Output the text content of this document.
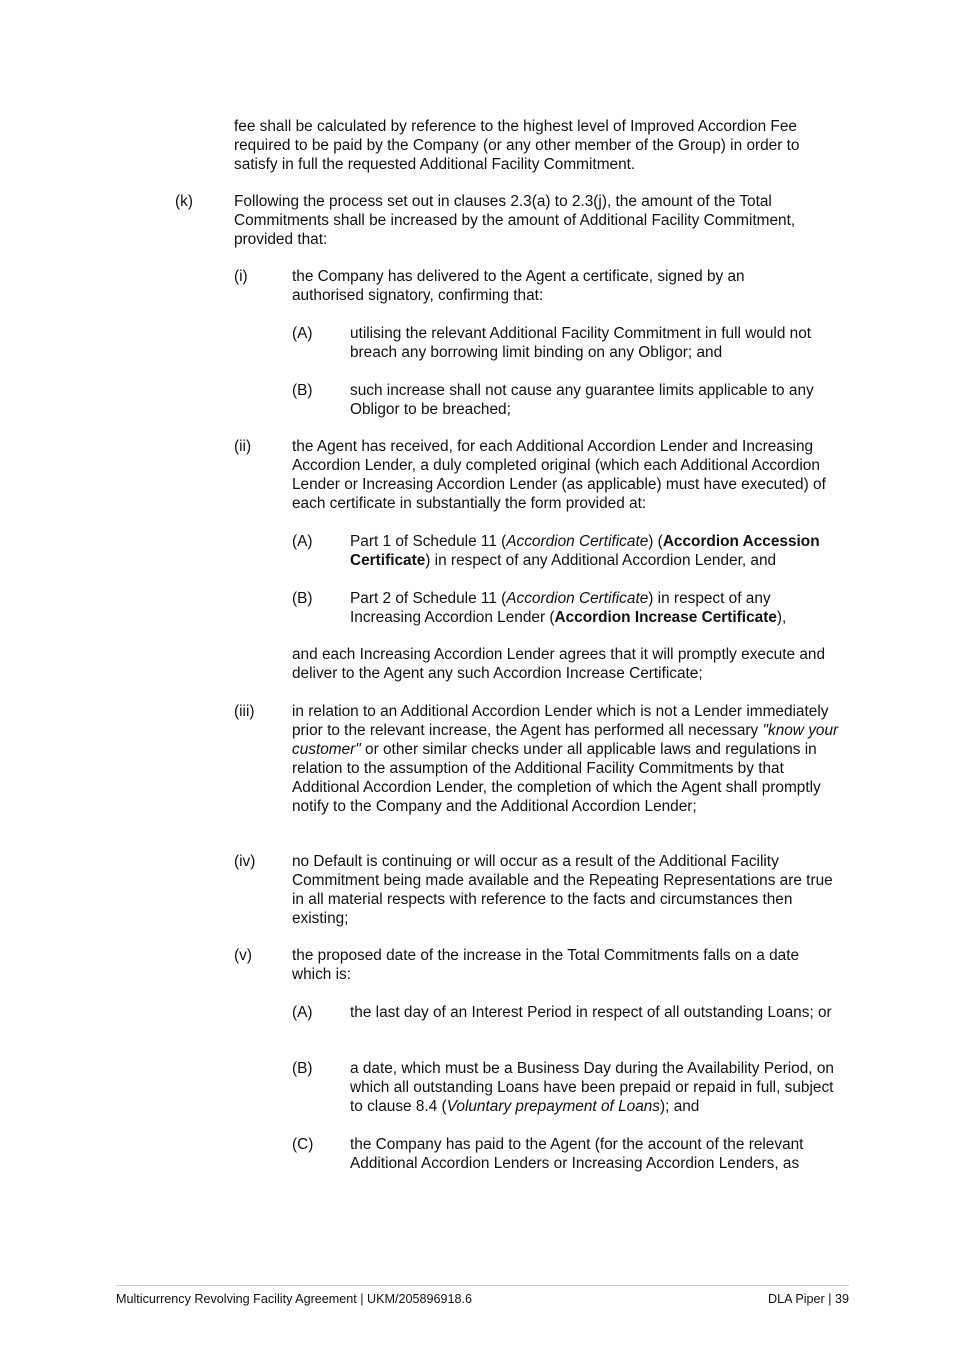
fee shall be calculated by reference to the highest level of Improved Accordion Fee required to be paid by the Company (or any other member of the Group) in order to satisfy in full the requested Additional Facility Commitment.

(k)	Following the process set out in clauses 2.3(a) to 2.3(j), the amount of the Total Commitments shall be increased by the amount of Additional Facility Commitment, provided that:

(i)	the Company has delivered to the Agent a certificate, signed by an authorised signatory, confirming that:

(A) utilising the relevant Additional Facility Commitment in full would not breach any borrowing limit binding on any Obligor; and

(B) such increase shall not cause any guarantee limits applicable to any Obligor to be breached;

(ii)	the Agent has received, for each Additional Accordion Lender and Increasing Accordion Lender, a duly completed original (which each Additional Accordion Lender or Increasing Accordion Lender (as applicable) must have executed) of each certificate in substantially the form provided at:

(A) Part 1 of Schedule 11 (Accordion Certificate) (Accordion Accession
Certificate) in respect of any Additional Accordion Lender, and

(B) Part 2 of Schedule 11 (Accordion Certificate) in respect of any
Increasing Accordion Lender (Accordion Increase Certificate),

and each Increasing Accordion Lender agrees that it will promptly execute and deliver to the Agent any such Accordion Increase Certificate;

(iii) in relation to an Additional Accordion Lender which is not a Lender immediately prior to the relevant increase, the Agent has performed all necessary "know your customer" or other similar checks under all applicable laws and regulations in relation to the assumption of the Additional Facility Commitments by that Additional Accordion Lender, the completion of which the Agent shall promptly notify to the Company and the Additional Accordion Lender;

(iv) no Default is continuing or will occur as a result of the Additional Facility Commitment being made available and the Repeating Representations are true in all material respects with reference to the facts and circumstances then existing;

(v)	the proposed date of the increase in the Total Commitments falls on a date which is:

(A) the last day of an Interest Period in respect of all outstanding Loans; or

(B) a date, which must be a Business Day during the Availability Period, on which all outstanding Loans have been prepaid or repaid in full, subject to clause 8.4 (Voluntary prepayment of Loans); and

(C) the Company has paid to the Agent (for the account of the relevant Additional Accordion Lenders or Increasing Accordion Lenders, as

Multicurrency Revolving Facility Agreement | UKM/205896918.6	DLA Piper | 39
